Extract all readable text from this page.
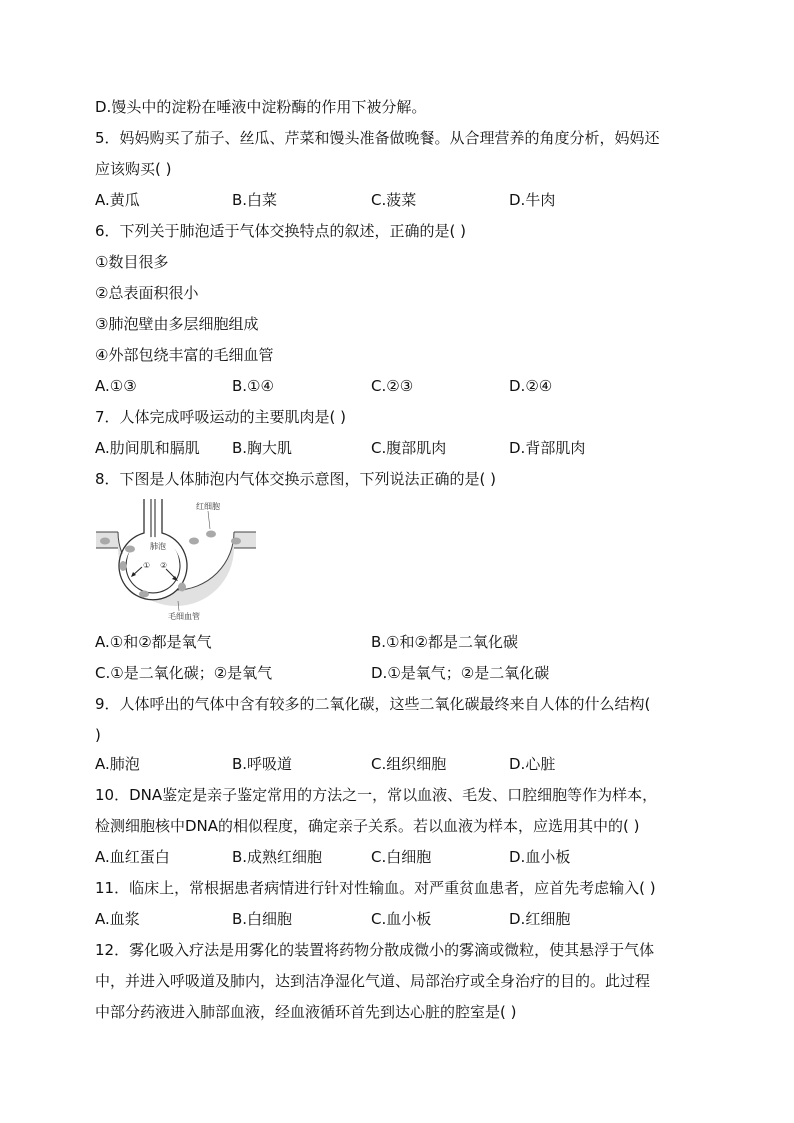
D.馒头中的淀粉在唾液中淀粉酶的作用下被分解。
5．妈妈购买了茄子、丝瓜、芹菜和馒头准备做晚餐。从合理营养的角度分析，妈妈还
应该购买( )
A.黄瓜	B.白菜	C.菠菜	D.牛肉
6．下列关于肺泡适于气体交换特点的叙述，正确的是( )
①数目很多
②总表面积很小
③肺泡壁由多层细胞组成
④外部包绕丰富的毛细血管
A.①③	B.①④	C.②③	D.②④
7．人体完成呼吸运动的主要肌肉是( )
A.肋间肌和膈肌 B.胸大肌	C.腹部肌肉	D.背部肌肉
8．下图是人体肺泡内气体交换示意图，下列说法正确的是( )
肺泡
① ②
红细胞
毛细血管
A.①和②都是氧气	B.①和②都是二氧化碳
C.①是二氧化碳；②是氧气	D.①是氧气；②是二氧化碳
9．人体呼出的气体中含有较多的二氧化碳，这些二氧化碳最终来自人体的什么结构(
)
A.肺泡	B.呼吸道	C.组织细胞	D.心脏
10．DNA鉴定是亲子鉴定常用的方法之一，常以血液、毛发、口腔细胞等作为样本，
检测细胞核中DNA的相似程度，确定亲子关系。若以血液为样本，应选用其中的( )
A.血红蛋白	B.成熟红细胞	C.白细胞	D.血小板
11．临床上，常根据患者病情进行针对性输血。对严重贫血患者，应首先考虑输入( )
A.血浆	B.白细胞	C.血小板	D.红细胞
12．雾化吸入疗法是用雾化的装置将药物分散成微小的雾滴或微粒，使其悬浮于气体
中，并进入呼吸道及肺内，达到洁净湿化气道、局部治疗或全身治疗的目的。此过程
中部分药液进入肺部血液，经血液循环首先到达心脏的腔室是( )
